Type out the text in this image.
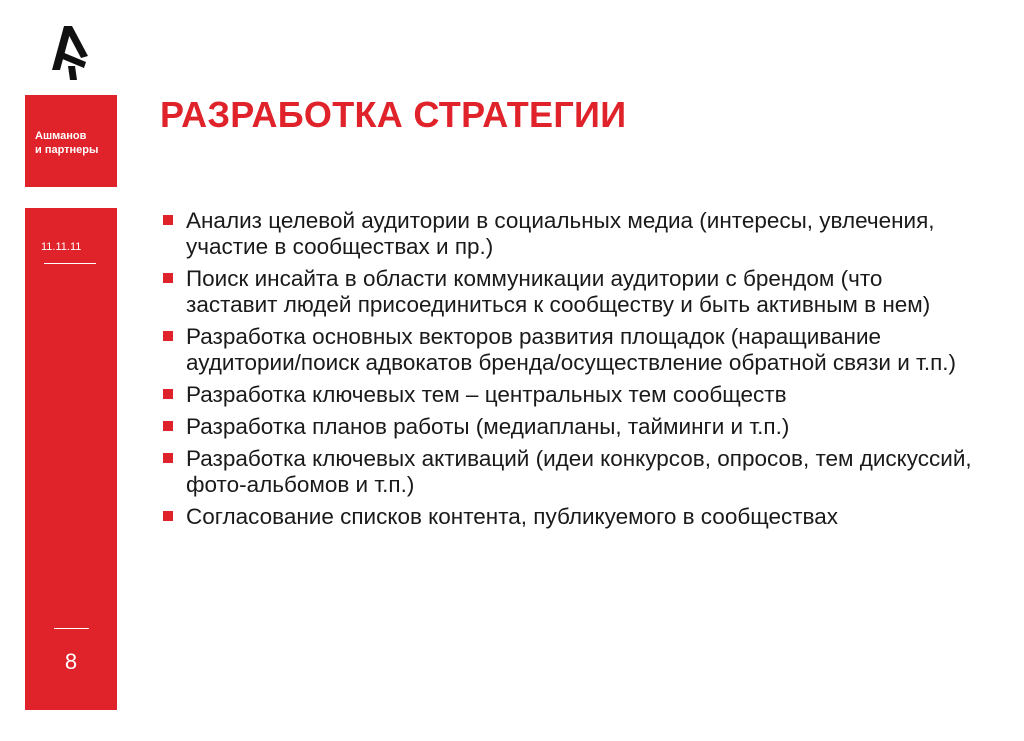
Ашманов
и партнеры
11.11.11
8
РАЗРАБОТКА СТРАТЕГИИ
Анализ целевой аудитории в социальных медиа (интересы, увлечения, участие в сообществах и пр.)
Поиск инсайта в области коммуникации аудитории с брендом (что заставит людей присоединиться к сообществу и быть активным в нем)
Разработка основных векторов развития площадок (наращивание аудитории/поиск адвокатов бренда/осуществление обратной связи и т.п.)
Разработка ключевых тем – центральных тем сообществ
Разработка планов работы (медиапланы, тайминги и т.п.)
Разработка ключевых активаций (идеи конкурсов, опросов, тем дискуссий, фото-альбомов и т.п.)
Согласование списков контента, публикуемого в сообществах
